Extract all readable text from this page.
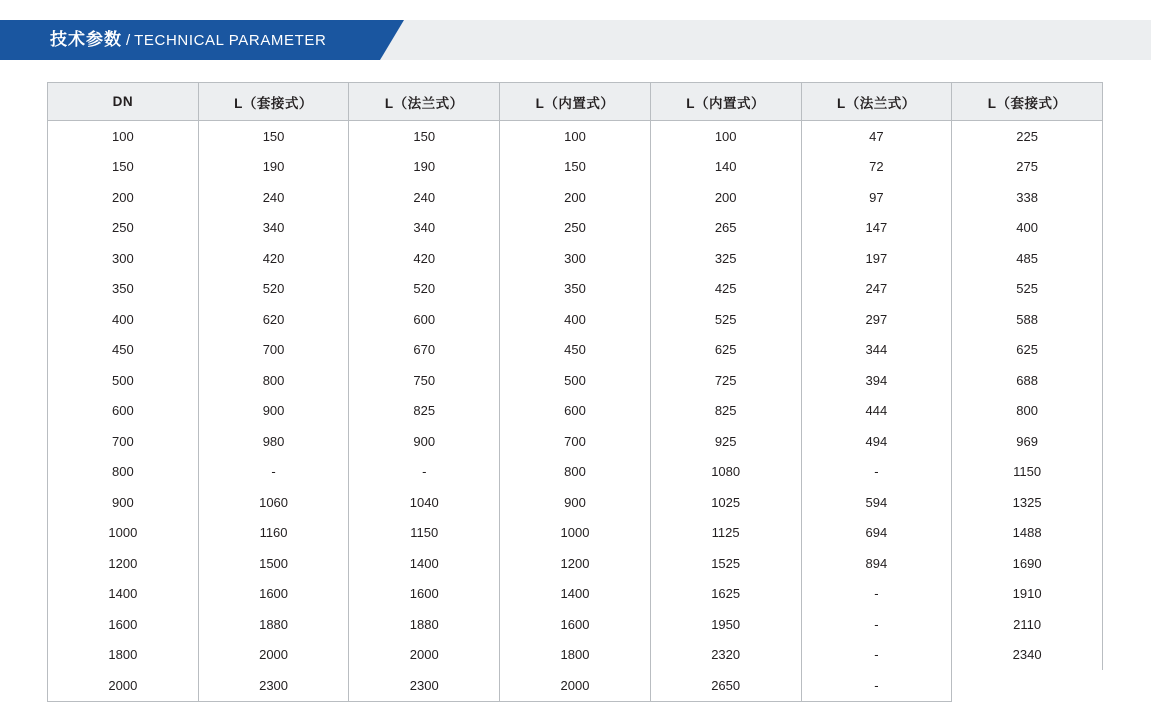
技术参数 / TECHNICAL PARAMETER
DN	L（套接式）	L（法兰式）	L（内置式）	L（内置式）	L（法兰式）	L（套接式）
100	150	150	100	100	47	225
150	190	190	150	140	72	275
200	240	240	200	200	97	338
250	340	340	250	265	147	400
300	420	420	300	325	197	485
350	520	520	350	425	247	525
400	620	600	400	525	297	588
450	700	670	450	625	344	625
500	800	750	500	725	394	688
600	900	825	600	825	444	800
700	980	900	700	925	494	969
800	-	-	800	1080	-	1150
900	1060	1040	900	1025	594	1325
1000	1160	1150	1000	1125	694	1488
1200	1500	1400	1200	1525	894	1690
1400	1600	1600	1400	1625	-	1910
1600	1880	1880	1600	1950	-	2110
1800	2000	2000	1800	2320	-	2340
2000	2300	2300	2000	2650	-	
